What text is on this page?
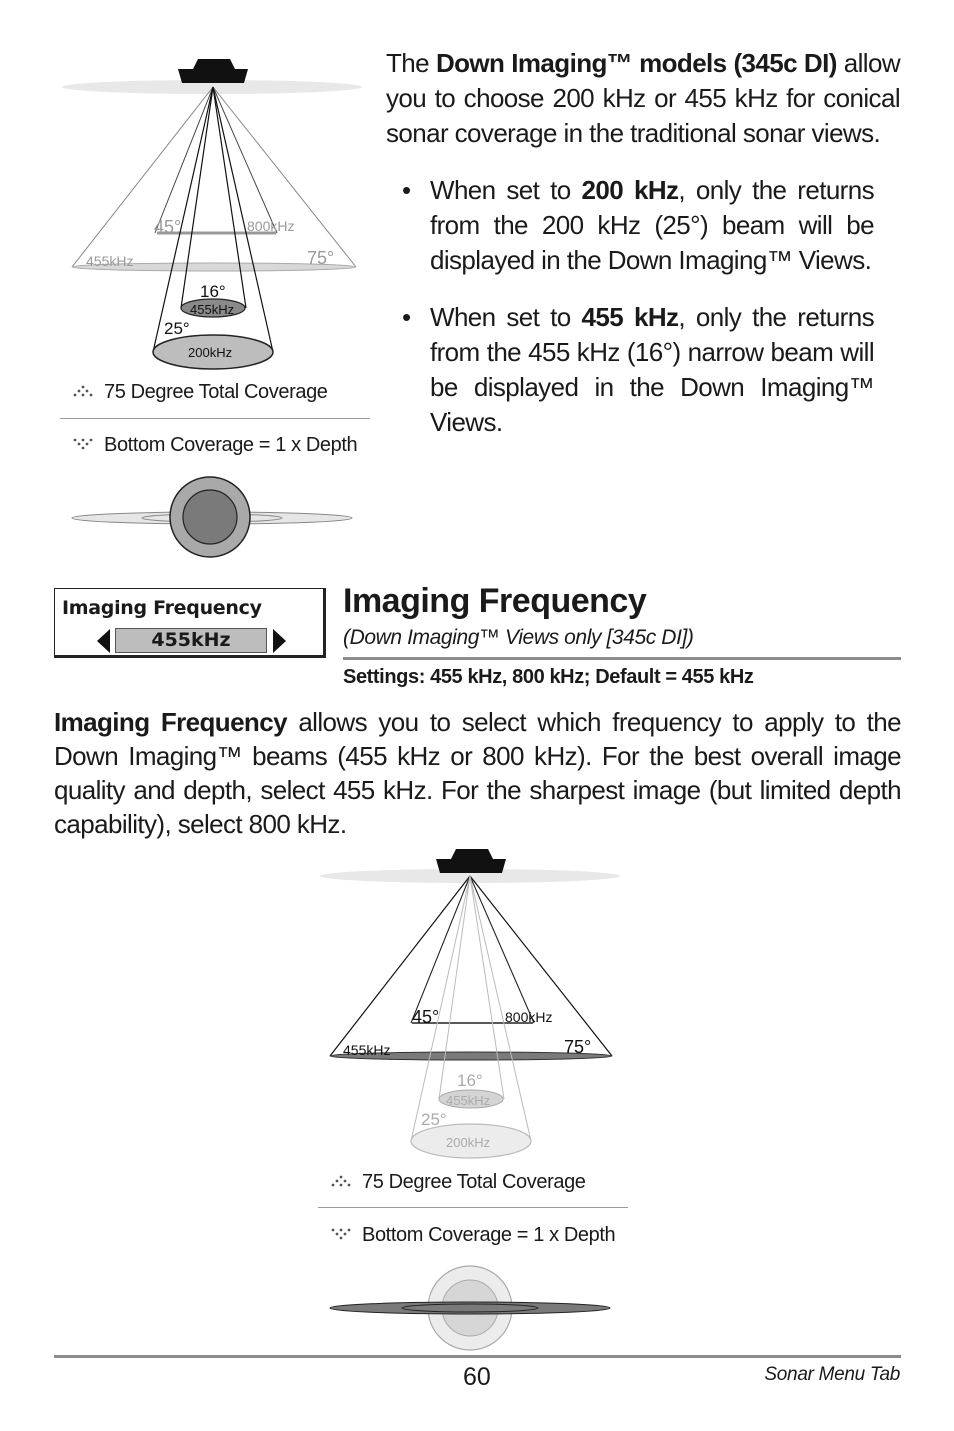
45°	800kHz
455kHz	75°
16°
455kHz
25°
200kHz
75 Degree Total Coverage
Bottom Coverage = 1 x Depth

The Down Imaging™ models (345c DI) allow you to choose 200 kHz or 455 kHz for conical sonar coverage in the traditional sonar views.

• When set to 200 kHz, only the returns from the 200 kHz (25°) beam will be displayed in the Down Imaging™ Views.

• When set to 455 kHz, only the returns from the 455 kHz (16°) narrow beam will be displayed in the Down Imaging™ Views.

Imaging Frequency
455kHz
Imaging Frequency
(Down Imaging™ Views only [345c DI])
Settings: 455 kHz, 800 kHz; Default = 455 kHz

Imaging Frequency allows you to select which frequency to apply to the Down Imaging™ beams (455 kHz or 800 kHz). For the best overall image quality and depth, select 455 kHz. For the sharpest image (but limited depth capability), select 800 kHz.

45°	800kHz
455kHz	75°
16°
455kHz
25°
200kHz
75 Degree Total Coverage
Bottom Coverage = 1 x Depth
60	Sonar Menu Tab
